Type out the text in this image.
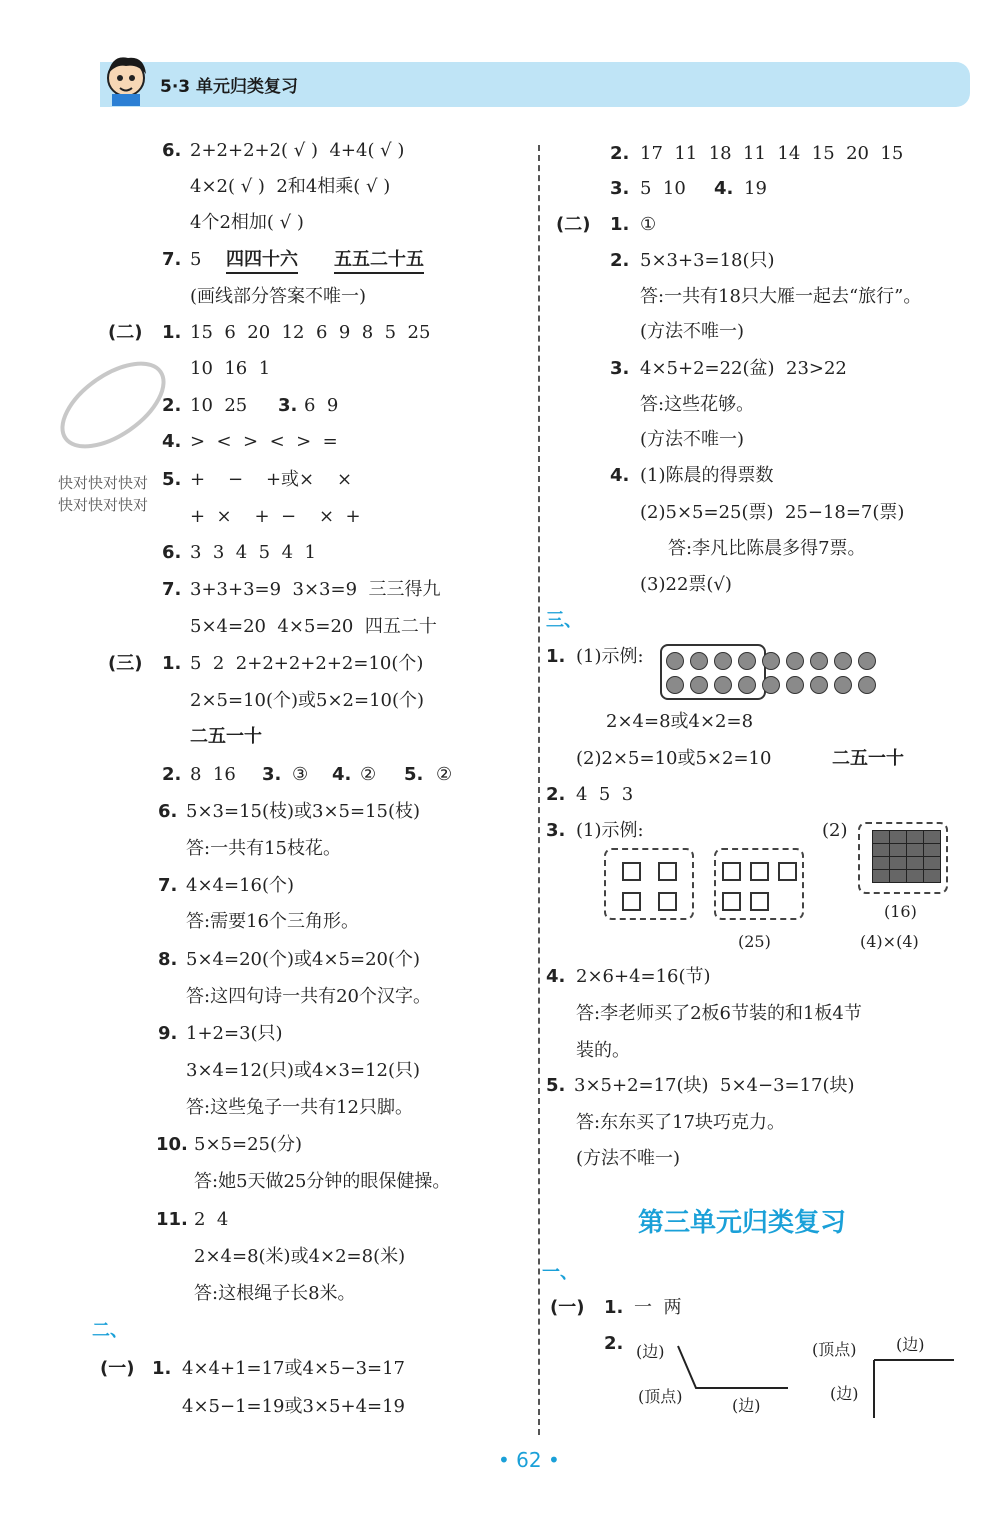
5·3 单元归类复习
6. 2+2+2+2( √ )  4+4( √ )
4×2( √ )  2和4相乘( √ )
4个2相加( √ )
7. 5 四四十六 五五二十五
(画线部分答案不唯一)
(二) 1. 15  6  20  12  6  9  8  5  25
10  16  1
2. 10  25 3. 6  9
4. >  <  >  <  >  =
5. +    −    +或×    ×
+  ×    +  −    ×  +
6. 3  3  4  5  4  1
7. 3+3+3=9  3×3=9  三三得九
5×4=20  4×5=20  四五二十
快对快对快对
快对快对快对
(三) 1. 5  2  2+2+2+2+2=10(个)
2×5=10(个)或5×2=10(个)
二五一十
2. 8  16 3. ③ 4. ② 5. ②
6. 5×3=15(枝)或3×5=15(枝)
答:一共有15枝花。
7. 4×4=16(个)
答:需要16个三角形。
8. 5×4=20(个)或4×5=20(个)
答:这四句诗一共有20个汉字。
9. 1+2=3(只)
3×4=12(只)或4×3=12(只)
答:这些兔子一共有12只脚。
10. 5×5=25(分)
答:她5天做25分钟的眼保健操。
11. 2  4
2×4=8(米)或4×2=8(米)
答:这根绳子长8米。
二、
(一) 1. 4×4+1=17或4×5−3=17
4×5−1=19或3×5+4=19
2. 17  11  18  11  14  15  20  15
3. 5  10 4. 19
(二) 1. ①
2. 5×3+3=18(只)
答:一共有18只大雁一起去“旅行”。
(方法不唯一)
3. 4×5+2=22(盆)  23>22
答:这些花够。
(方法不唯一)
4. (1)陈晨的得票数
(2)5×5=25(票)  25−18=7(票)
答:李凡比陈晨多得7票。
(3)22票(√)
三、
1. (1)示例:
2×4=8或4×2=8
(2)2×5=10或5×2=10	二五一十
2. 4  5  3
3. (1)示例:	(2)
(25)
(16)
(4)×(4)
4. 2×6+4=16(节)
答:李老师买了2板6节装的和1板4节
装的。
5. 3×5+2=17(块)  5×4−3=17(块)
答:东东买了17块巧克力。
(方法不唯一)
第三单元归类复习
一、
(一) 1. 一  两
2. (边)
(顶点)	(边)
(顶点) (边)
(边)
• 62 •
